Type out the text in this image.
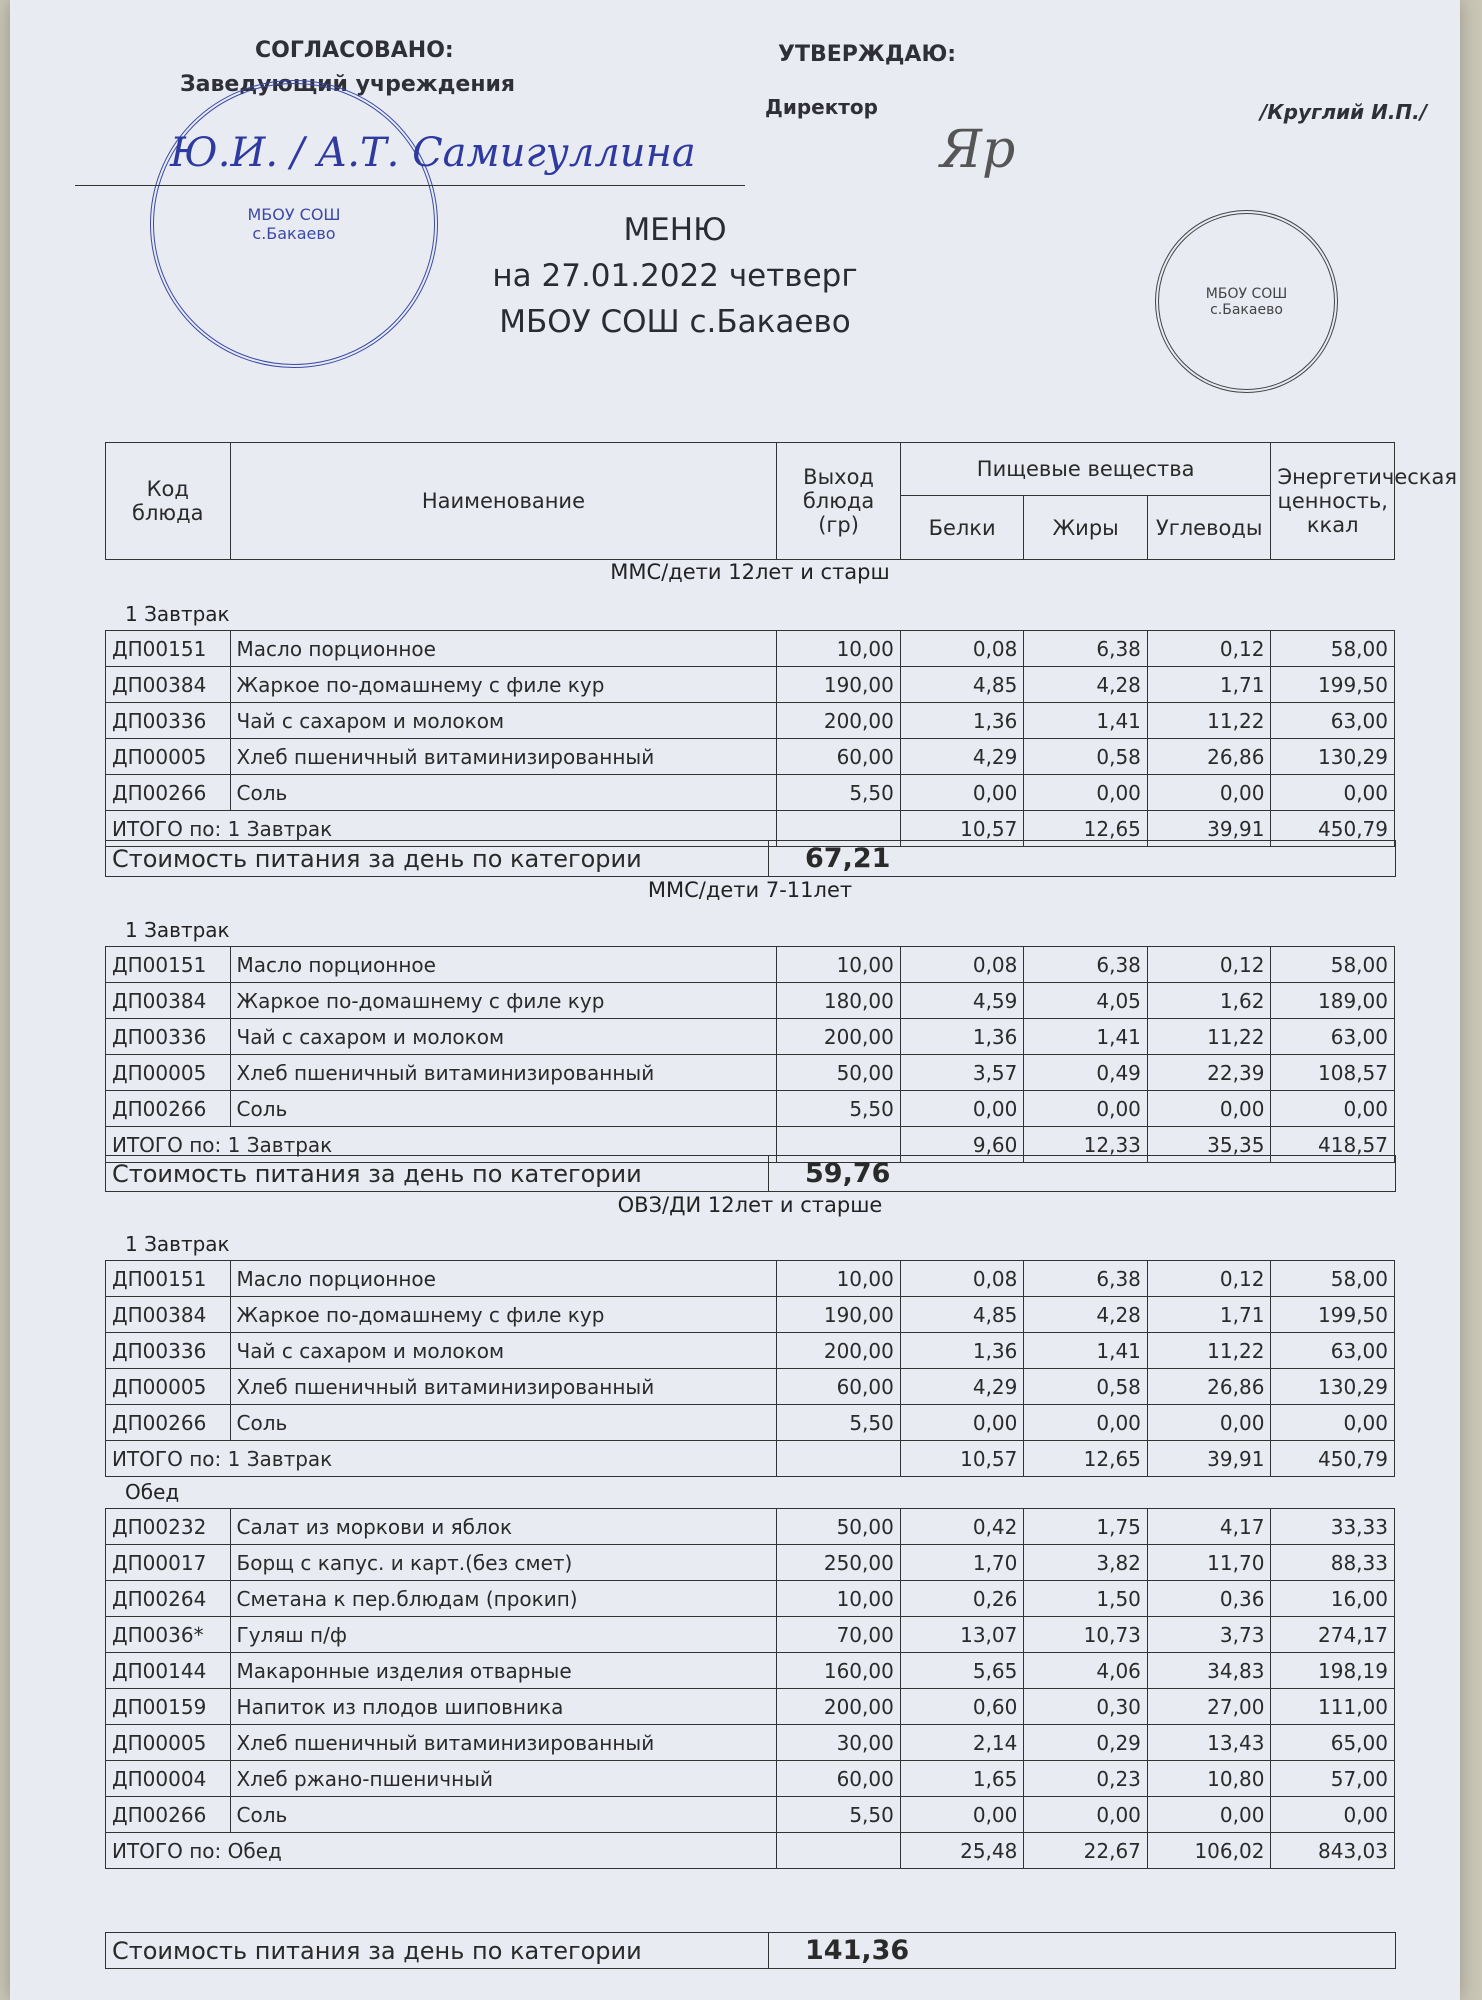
СОГЛАСОВАНО:
Заведующий учреждения
УТВЕРЖДАЮ:
Директор	/Круглий И.П./
МБОУ СОШ с.Бакаево
Ю.И. / А.Т. Самигуллина	Яр
МБОУ СОШ с.Бакаево
МЕНЮ
на 27.01.2022 четверг
МБОУ СОШ с.Бакаево
Код блюда	Наименование	Выход блюда (гр)	Пищевые вещества			Энергетическая ценность, ккал
			Белки	Жиры	Углеводы	
ММС/дети 12лет и старш
1 Завтрак
ДП00151	Масло порционное	10,00	0,08	6,38	0,12	58,00
ДП00384	Жаркое по-домашнему с филе кур	190,00	4,85	4,28	1,71	199,50
ДП00336	Чай с сахаром и молоком	200,00	1,36	1,41	11,22	63,00
ДП00005	Хлеб пшеничный витаминизированный	60,00	4,29	0,58	26,86	130,29
ДП00266	Соль	5,50	0,00	0,00	0,00	0,00
ИТОГО по: 1 Завтрак			10,57	12,65	39,91	450,79
Стоимость питания за день по категории	67,21
ММС/дети 7-11лет
1 Завтрак
ДП00151	Масло порционное	10,00	0,08	6,38	0,12	58,00
ДП00384	Жаркое по-домашнему с филе кур	180,00	4,59	4,05	1,62	189,00
ДП00336	Чай с сахаром и молоком	200,00	1,36	1,41	11,22	63,00
ДП00005	Хлеб пшеничный витаминизированный	50,00	3,57	0,49	22,39	108,57
ДП00266	Соль	5,50	0,00	0,00	0,00	0,00
ИТОГО по: 1 Завтрак			9,60	12,33	35,35	418,57
Стоимость питания за день по категории	59,76
ОВЗ/ДИ 12лет и старше
1 Завтрак
ДП00151	Масло порционное	10,00	0,08	6,38	0,12	58,00
ДП00384	Жаркое по-домашнему с филе кур	190,00	4,85	4,28	1,71	199,50
ДП00336	Чай с сахаром и молоком	200,00	1,36	1,41	11,22	63,00
ДП00005	Хлеб пшеничный витаминизированный	60,00	4,29	0,58	26,86	130,29
ДП00266	Соль	5,50	0,00	0,00	0,00	0,00
ИТОГО по: 1 Завтрак			10,57	12,65	39,91	450,79
Обед
ДП00232	Салат из моркови и яблок	50,00	0,42	1,75	4,17	33,33
ДП00017	Борщ с капус. и карт.(без смет)	250,00	1,70	3,82	11,70	88,33
ДП00264	Сметана к пер.блюдам (прокип)	10,00	0,26	1,50	0,36	16,00
ДП0036*	Гуляш п/ф	70,00	13,07	10,73	3,73	274,17
ДП00144	Макаронные изделия отварные	160,00	5,65	4,06	34,83	198,19
ДП00159	Напиток из плодов шиповника	200,00	0,60	0,30	27,00	111,00
ДП00005	Хлеб пшеничный витаминизированный	30,00	2,14	0,29	13,43	65,00
ДП00004	Хлеб ржано-пшеничный	60,00	1,65	0,23	10,80	57,00
ДП00266	Соль	5,50	0,00	0,00	0,00	0,00
ИТОГО по: Обед			25,48	22,67	106,02	843,03
Стоимость питания за день по категории	141,36
